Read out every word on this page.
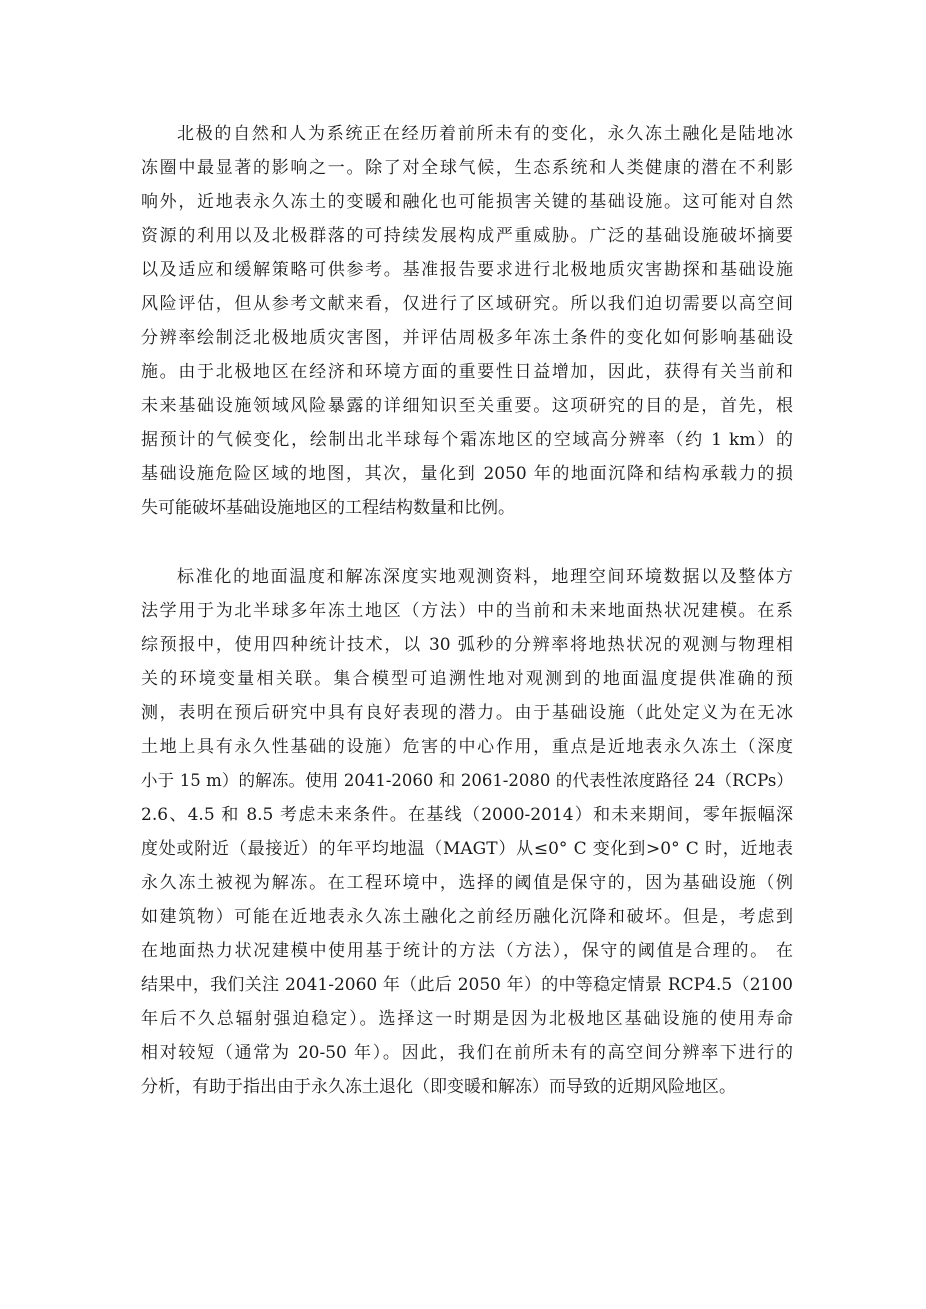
北极的自然和人为系统正在经历着前所未有的变化，永久冻土融化是陆地冰
冻圈中最显著的影响之一。除了对全球气候，生态系统和人类健康的潜在不利影
响外，近地表永久冻土的变暖和融化也可能损害关键的基础设施。这可能对自然
资源的利用以及北极群落的可持续发展构成严重威胁。广泛的基础设施破坏摘要
以及适应和缓解策略可供参考。基准报告要求进行北极地质灾害勘探和基础设施
风险评估，但从参考文献来看，仅进行了区域研究。所以我们迫切需要以高空间
分辨率绘制泛北极地质灾害图，并评估周极多年冻土条件的变化如何影响基础设
施。由于北极地区在经济和环境方面的重要性日益增加，因此，获得有关当前和
未来基础设施领域风险暴露的详细知识至关重要。这项研究的目的是，首先，根
据预计的气候变化，绘制出北半球每个霜冻地区的空域高分辨率（约 1 km）的
基础设施危险区域的地图，其次，量化到 2050 年的地面沉降和结构承载力的损
失可能破坏基础设施地区的工程结构数量和比例。
标准化的地面温度和解冻深度实地观测资料，地理空间环境数据以及整体方
法学用于为北半球多年冻土地区（方法）中的当前和未来地面热状况建模。在系
综预报中，使用四种统计技术，以 30 弧秒的分辨率将地热状况的观测与物理相
关的环境变量相关联。集合模型可追溯性地对观测到的地面温度提供准确的预
测，表明在预后研究中具有良好表现的潜力。由于基础设施（此处定义为在无冰
土地上具有永久性基础的设施）危害的中心作用，重点是近地表永久冻土（深度
小于 15 m）的解冻。使用 2041-2060 和 2061-2080 的代表性浓度路径 24（RCPs）
2.6、4.5 和 8.5 考虑未来条件。在基线（2000-2014）和未来期间，零年振幅深
度处或附近（最接近）的年平均地温（MAGT）从≤0° C 变化到>0° C 时，近地表
永久冻土被视为解冻。在工程环境中，选择的阈值是保守的，因为基础设施（例
如建筑物）可能在近地表永久冻土融化之前经历融化沉降和破坏。但是，考虑到
在地面热力状况建模中使用基于统计的方法（方法），保守的阈值是合理的。 在
结果中，我们关注 2041-2060 年（此后 2050 年）的中等稳定情景 RCP4.5（2100
年后不久总辐射强迫稳定）。选择这一时期是因为北极地区基础设施的使用寿命
相对较短（通常为 20-50 年）。因此，我们在前所未有的高空间分辨率下进行的
分析，有助于指出由于永久冻土退化（即变暖和解冻）而导致的近期风险地区。
